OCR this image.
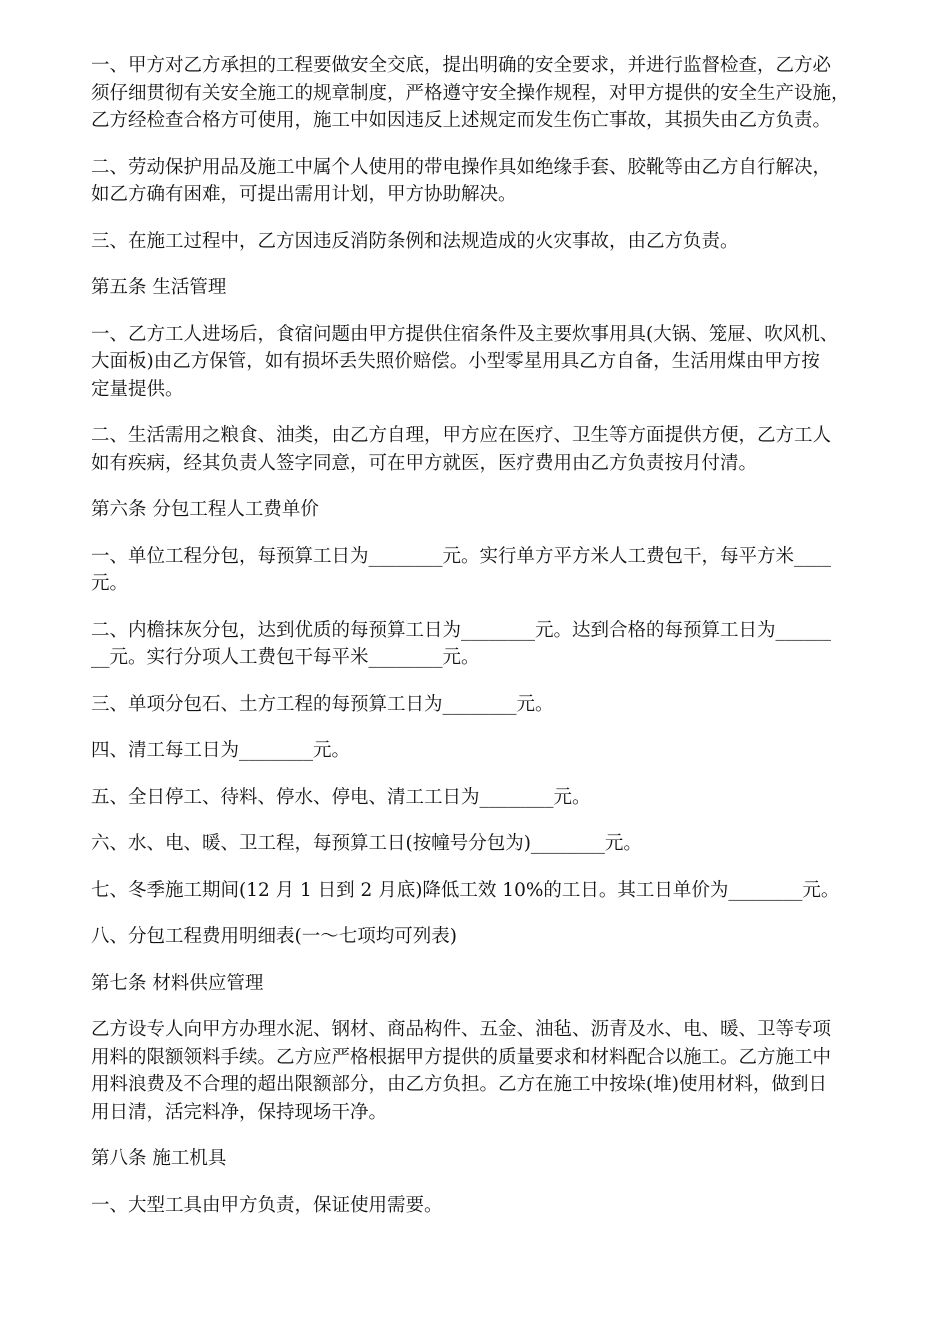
一、甲方对乙方承担的工程要做安全交底，提出明确的安全要求，并进行监督检查，乙方必
须仔细贯彻有关安全施工的规章制度，严格遵守安全操作规程，对甲方提供的安全生产设施，
乙方经检查合格方可使用，施工中如因违反上述规定而发生伤亡事故，其损失由乙方负责。
二、劳动保护用品及施工中属个人使用的带电操作具如绝缘手套、胶靴等由乙方自行解决，
如乙方确有困难，可提出需用计划，甲方协助解决。
三、在施工过程中，乙方因违反消防条例和法规造成的火灾事故，由乙方负责。
第五条 生活管理
一、乙方工人进场后，食宿问题由甲方提供住宿条件及主要炊事用具(大锅、笼屉、吹风机、
大面板)由乙方保管，如有损坏丢失照价赔偿。小型零星用具乙方自备，生活用煤由甲方按
定量提供。
二、生活需用之粮食、油类，由乙方自理，甲方应在医疗、卫生等方面提供方便，乙方工人
如有疾病，经其负责人签字同意，可在甲方就医，医疗费用由乙方负责按月付清。
第六条 分包工程人工费单价
一、单位工程分包，每预算工日为________元。实行单方平方米人工费包干，每平方米____
元。
二、内檐抹灰分包，达到优质的每预算工日为________元。达到合格的每预算工日为______
__元。实行分项人工费包干每平米________元。
三、单项分包石、土方工程的每预算工日为________元。
四、清工每工日为________元。
五、全日停工、待料、停水、停电、清工工日为________元。
六、水、电、暖、卫工程，每预算工日(按幢号分包为)________元。
七、冬季施工期间(12 月 1 日到 2 月底)降低工效 10%的工日。其工日单价为________元。
八、分包工程费用明细表(一～七项均可列表)
第七条 材料供应管理
乙方设专人向甲方办理水泥、钢材、商品构件、五金、油毡、沥青及水、电、暖、卫等专项
用料的限额领料手续。乙方应严格根据甲方提供的质量要求和材料配合以施工。乙方施工中
用料浪费及不合理的超出限额部分，由乙方负担。乙方在施工中按垛(堆)使用材料，做到日
用日清，活完料净，保持现场干净。
第八条 施工机具
一、大型工具由甲方负责，保证使用需要。
